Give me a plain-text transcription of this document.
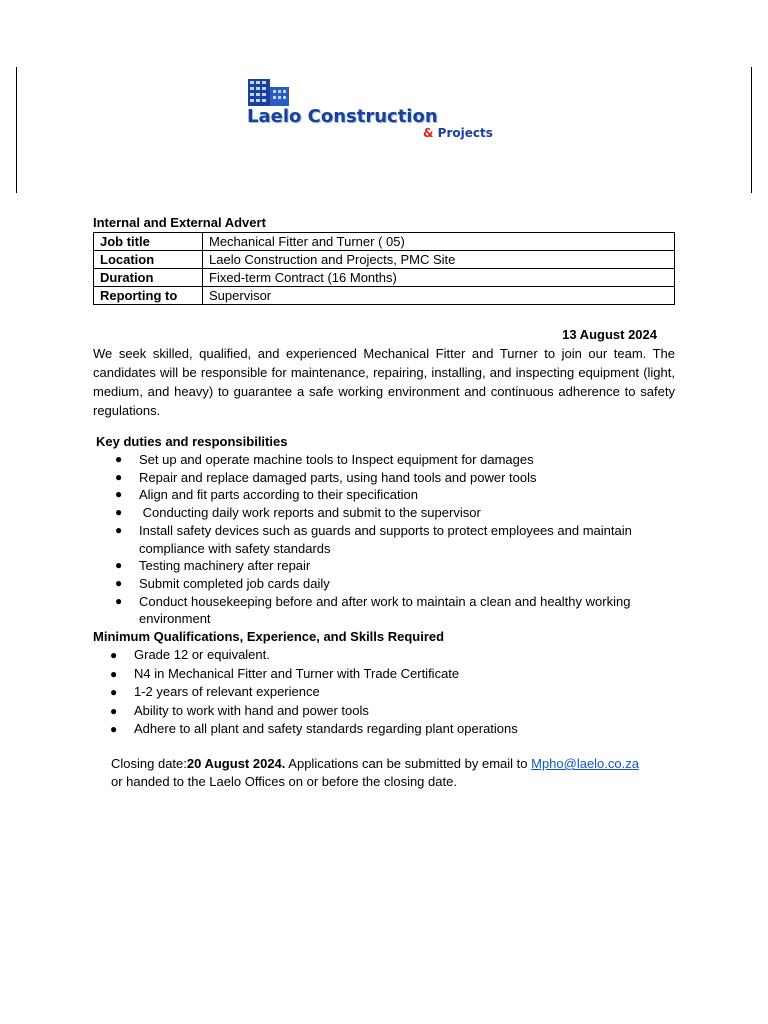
Laelo Construction
& Projects
Internal and External Advert
Job title	Mechanical Fitter and Turner ( 05)
Location	Laelo Construction and Projects, PMC Site
Duration	Fixed-term Contract (16 Months)
Reporting to	Supervisor
13 August 2024

We seek skilled, qualified, and experienced Mechanical Fitter and Turner to join our team. The candidates will be responsible for maintenance, repairing, installing, and inspecting equipment (light, medium, and heavy) to guarantee a safe working environment and continuous adherence to safety regulations.

Key duties and responsibilities
● Set up and operate machine tools to Inspect equipment for damages
● Repair and replace damaged parts, using hand tools and power tools
● Align and fit parts according to their specification
● Conducting daily work reports and submit to the supervisor
● Install safety devices such as guards and supports to protect employees and maintain compliance with safety standards
● Testing machinery after repair
● Submit completed job cards daily
● Conduct housekeeping before and after work to maintain a clean and healthy working environment
Minimum Qualifications, Experience, and Skills Required
● Grade 12 or equivalent.
● N4 in Mechanical Fitter and Turner with Trade Certificate
● 1-2 years of relevant experience
● Ability to work with hand and power tools
● Adhere to all plant and safety standards regarding plant operations
Closing date:20 August 2024. Applications can be submitted by email to Mpho@laelo.co.za
or handed to the Laelo Offices on or before the closing date.
